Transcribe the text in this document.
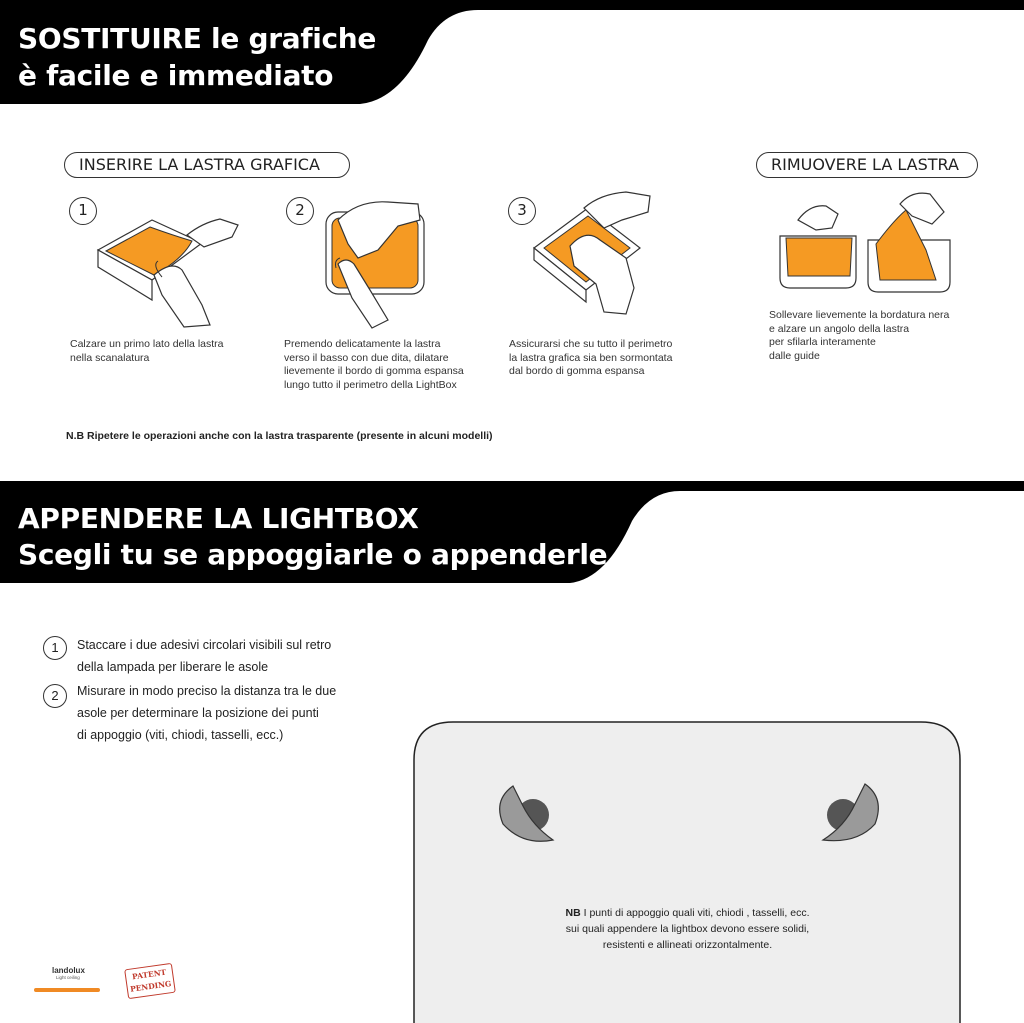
SOSTITUIRE le grafiche
è facile e immediato
INSERIRE LA LASTRA GRAFICA	RIMUOVERE LA LASTRA
1	2	3
Calzare un primo lato della lastra
nella scanalatura
Premendo delicatamente la lastra
verso il basso con due dita, dilatare
lievemente il bordo di gomma espansa
lungo tutto il perimetro della LightBox
Assicurarsi che su tutto il perimetro
la lastra grafica sia ben sormontata
dal bordo di gomma espansa
Sollevare lievemente la bordatura nera
e alzare un angolo della lastra
per sfilarla interamente
dalle guide
N.B Ripetere le operazioni anche con la lastra trasparente (presente in alcuni modelli)
APPENDERE LA LIGHTBOX
Scegli tu se appoggiarle o appenderle
1	Staccare i due adesivi circolari visibili sul retro
della lampada per liberare le asole
2	Misurare in modo preciso la distanza tra le due
asole per determinare la posizione dei punti
di appoggio (viti, chiodi, tasselli, ecc.)
NB I punti di appoggio quali viti, chiodi , tasselli, ecc.
sui quali appendere la lightbox devono essere solidi,
resistenti e allineati orizzontalmente.
landolux
Light ceiling	PATENT
PENDING
